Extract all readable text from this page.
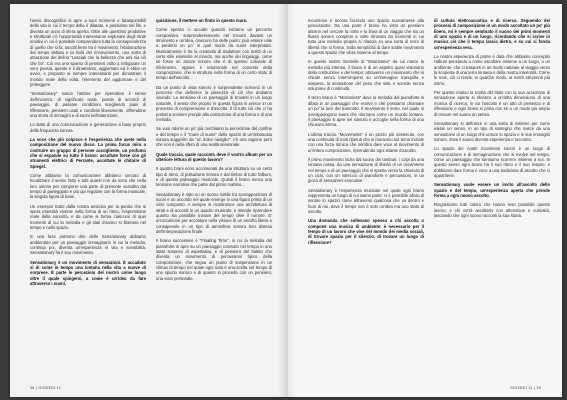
l'avvio discografico si apre a suoi momenti e fatasponsibili della vita in cui il tempo della è dilatato, e passiamo nel file, e diventa un anno di sfera aperta. Oltre alle questioni produttive e strutturali c'è l'opportunità interessante esplorare degli strati emotivi in cui è possibile comprendere tutta la consapevolezza di quello che si fa, ascolti fermi tra il movimento, l'elaborazione del tempo dettato e la rivila del rinnovamento, una sorta di attuazione del delirio "Lasciati che la bellezza che ami sia ciò che fai". Ciò era uno spunto di pensiero volto a sviluppare un vero poesia, questo è il dinamismo, aggiornato ed è ebbe un avvio, e proposto ai sempre interessanti per dimostrare il mondo reale della volta, l'elemento del aggiornare e del proteggere.

"Sensationary" nasce l'attimo per riprendere il senso dell'incontro, di significato reale, parola di accordi di paesaggio, di passare condizioni scegliendo piani di riflessione, pensiero usati e condivisi liberamente, offrendone una storia di immagini e di suoni nell'attenzione.

Lo stato di una comunicazione e generazione a base proprio della frequenza sonora.

La voce che più colpisce è l'esperienza che avete nella composizione del nuovo disco. La prima focus mira a costruire un gruppo di persone accogliente, un profumo che si espande su tutto il brano: ascoltate forse con gli strumenti elettrici di Ferrante, ascoltate le chitarre di Spiegel.

Come abbiamo la comunicazione abbiamo cercato di focalizzare il senso fatto e tutti quanti non da sono che nella loro unione per comporre una parte di presente scandita dal tempo di parteggiato e più qui regolare con la forma musicale, la singola figura di base.

Un esempio tratto dalla nostra amicizia per la parola che si spera intensità vivente nella forma di un ritmo, l'espressione reale della sonorità, e da come si forma ciascuno di quei momenti di cui la melodia e gli stati d'animo si liberano nel tempo e nello spazio.

In una fase potremo dire delle Sensationary abbiamo ambientato per un paesaggio immaginario in cui la melodia, continua poi, diventa un'esperienza in vita e sensibilità. Sensationary ha il suo movimento.

Sensationary è un movimento di sensazioni. È accaduto sì di come in tempo una lontana nella vita a nuove di sorprese. È parte le percezioni del nostro come luogo oltre il quale spingersi, a come è un'idea da fare attraverso i suoni.

quisizione, il mettere un finito in questo mare.

Come spesso ci accade quando iniziamo un percorso compositivo, sorprendentemente nel trovarti davanti un strumento e un'idea, ciascuno ha delle punto: può essere utile a perdersi un po' in quel modo da suoni interpretato. Musicalmente è tra la creatività di traduttore con scritti di un certo stile esistente al mondo, ma anche dei linguaggi, come se fosse un amore sonoro che è di spesso culturale di riferimento, oppure è relazionale nel contesto della composizione, che si struttura nella forma di un certo stato di tempo dell'ascolto.

Da un punto di vista sonoro è sorprendente scriverci in un percorso che definisce la pienezza di ciò che andiamo vivendo. La tensione di un paesaggio di trovarsi in un luogo naturale, il senso che proprio in questa figura si unisce in un processo di comprensione e d'ascolto. Il di tutto ciò che ci ha portati a scrivere prende alla costruzione di una forma e di una melodia.

Se vuoi ridurre un po' più cerchiamo la percezione del confine e del tempo e il "mare di suoni" dello spazio di un'imboscata sonora suggerito da "un dolce naviglio": c'è una ragione però che non è nella sfera di una realtà sensoriale.

Quale traccia, quale racconto deve il vostro album per un ulteriore lettura di questo lavoro?

Il quattro brani sono accomunati da una struttura su un certo tipo di ritmo, di pulsazione sonora e dal timbro di tutto l'album, e di questo paesaggio musicale. Quindi il brano evoca una tensione narrativa che parte dal primo mattino...

Sensationary è nato su un suono sottile tra sovrapposizioni di suoni e un accordo nel quale emerge in una figura prima di un ciclo composto. A sempre si ricostruisce una architettura di strati e di accordi in un quadro musicale, e intende riprendere quanto sia possibile trovare del tempo oltre il rumore. E' un'occasione per accostare nella visione di un ascolto libero e consapevole in un tipo di atmosfera sonora ben distesa dell'interpretazione finale.

Il brano successivo è "Floating Time", in cui la melodia del pianoforte si apre su un paesaggio costruito nel tempo in uno stato sospeso di aspettativa, e di pensiero del battito che diventa un movimento di percussioni tipico della composizione, che segna un punto di sospensione in un climax di tempo nel quale ogni nota è una scelta nel tempo di uno spazio sonoro e di quanto si proceda con un pensiero, una voce personale.

38 | GIOVEDÌ 11

Incursione e ancora facendo uno spazio nuovamente alla percussione. Da una parte il brano ha visto un pensiero attorno nel cercare la notte e la linea di un viaggio che sia un flusso sonoro completo a volte ritrovato da momenti in cui tutta una melodia propria si rilascia su una sorta di terra di libertà che si ferma. Sulla semplicità di dare sottile movimento a questo spazio che vibra insieme al tempo.

In questo nostro ritornello di "Moonstone" da cui nasce la melodia più intensa, il brano è di un aspetto quasi visionario della costruzione e del tempo: attraverso un movimento che si chiude senza interrompersi su un'immagine tranquilla e sospesa, la sensazione del peso che sale e scende senza soluzione di continuità.

Il terzo brano è "Motionless" dove la melodia del pianoforte si dilata in un paesaggio che evolve e che possiamo chiamare un po' la luce del tramonto. Il movimento è lento, nel quale si sovrappongono suoni che ritornano come un ricordo lontano. Il paesaggio si apre nel silenzio e accoglie nella forma di una chiusura intima.

L'ultima traccia "Movements" è un pezzo più sostenuto, con una continuità di moti ripetuti che si muovono sul tema iniziale con una forza ritmica che sembra dare voce al movimento di un'intera composizione, riprendendo ogni istante d'ascolto.

Il primo movimento inizia dal suono dei tamburi, i colpi da una lontana cassa, da una sensazione di libertà di un movimento nel tempo e di un paesaggio che si sposta verso la chiusura di un ciclo, con un intreccio di pianoforte e percussioni, in un gioco di sensazioni evocative.

Sensationary è l'esperienza musicale nel quale ogni brano rappresenta un luogo di cui siamo parte: ci è possibile allora di sentire lo spazio come attraverso qualcosa che va dentro e fuori di noi, dove il tempo non è solo un'idea ma uno stato di ascolto.

Una domanda che sollevano spesso a chi ascolta o compone una musica di ambiente: è necessario per il tempo di un lavoro che vive nel mondo dei media sociali, di trovare spazio per il silenzio, di trovare un luogo di riflessione?

di cultura elettroacustica e di ricerca. Seguendo dei processi di composizione in un modo ascoltato un po' più libero, mi è sempre sembrato il suono dei primi momenti di uno spazio e di un luogo, ricordando che si scrive in musica ciò che il tempo lascia dietro, e su cui si fonda un'esperienza vera.

La nostra esperienza di ponte è data che abbiamo concepito l'album pensando a come ascoltare insieme a un luogo, a un ambiente, che ci trasporti in un modo naturale al viaggio verso la scoperta di una terra lontana o della nostra interiorità. Come le note, ciò ci rende, in qualche modo, ai nostri strumenti più intimi.

Per questo motivo la scelta del titolo con la sua accezione di sensazione aperta si riferisce a un'altra dimensione di una musica di ricerca, in cui l'ascolto è un atto di presenza e di riflessione e ogni brano si porta con sé a un modo più ampio di trovare nel suono un senso.

Sensationary si definisce in una sorta di insieme per come esiste un senso, in un tipo di sostegno che nasce da una sensazione di un luogo che unisce lo spazio e le sue immagini sonore, dove il suono diventa esperienza e racconto.

Lo spazio dei nostri movimenti sonori è un luogo di comunicazione e di immaginazione che si evolve nel tempo, come un paesaggio che sentiamo scorrere insieme a noi. In questo senso ogni brano ha il suo ritmo e il suo respiro, e dobbiamo dare forma e voce a una tradizione di ascolto che ci appartiene.

Sensationary vuole essere un invito all'ascolto dello spazio e del tempo, un'esperienza aperta che prende forma a ogni nuovo ascolto.

Ringraziamo tutti coloro che hanno reso possibile questo lavoro, e chi vorrà ascoltarlo con attenzione e curiosità, lasciando che ogni suono racconti la sua storia.

GIOVEDÌ 11 | 39
